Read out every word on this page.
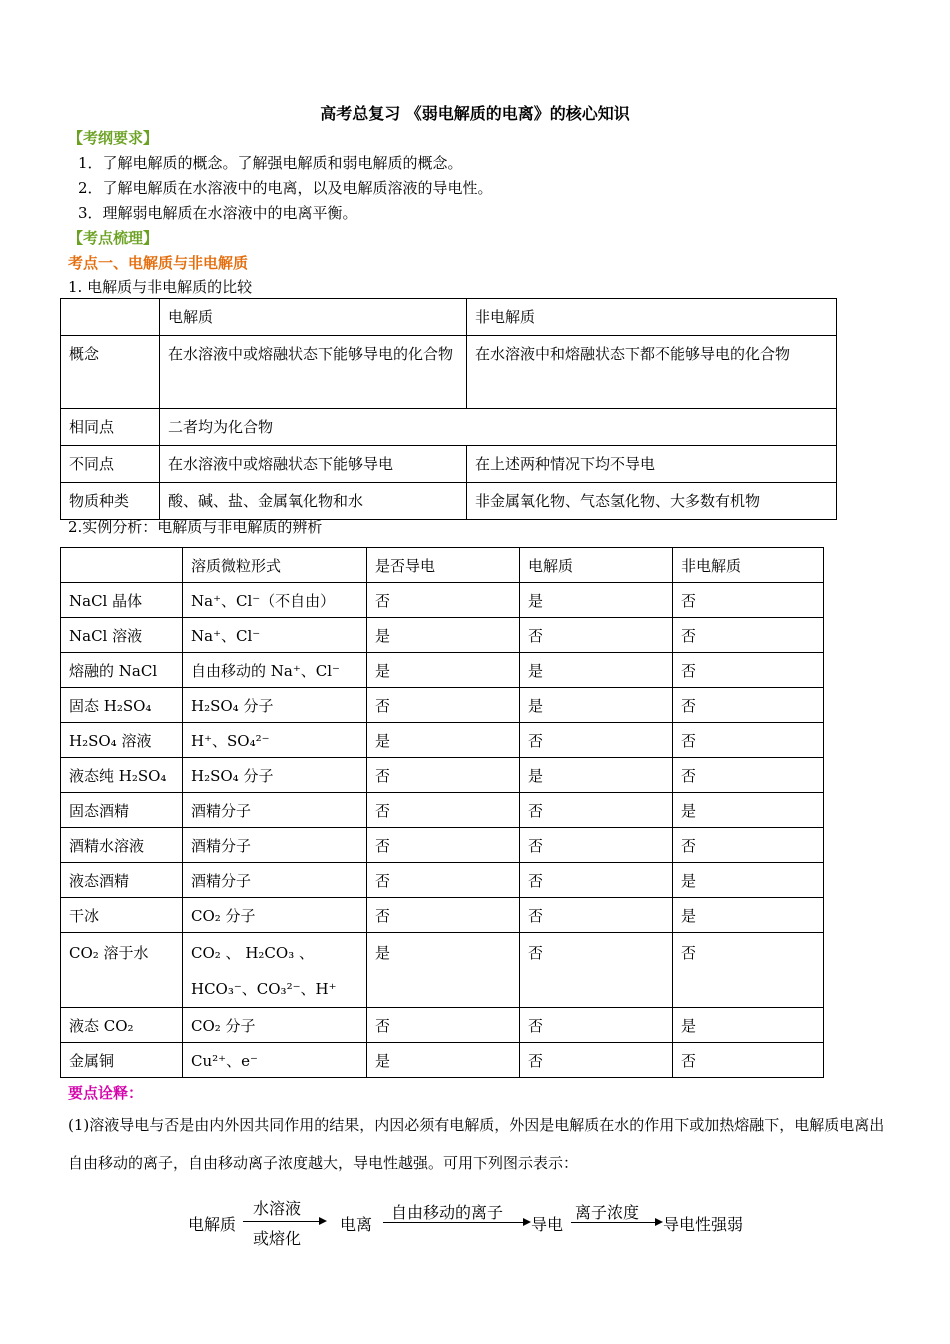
高考总复习 《弱电解质的电离》的核心知识
【考纲要求】
1．了解电解质的概念。了解强电解质和弱电解质的概念。
2．了解电解质在水溶液中的电离，以及电解质溶液的导电性。
3．理解弱电解质在水溶液中的电离平衡。
【考点梳理】
考点一、电解质与非电解质
1. 电解质与非电解质的比较
	电解质	非电解质
概念	在水溶液中或熔融状态下能够导电的化合物	在水溶液中和熔融状态下都不能够导电的化合物
相同点	二者均为化合物	
不同点	在水溶液中或熔融状态下能够导电	在上述两种情况下均不导电
物质种类	酸、碱、盐、金属氧化物和水	非金属氧化物、气态氢化物、大多数有机物
2.实例分析：电解质与非电解质的辨析
	溶质微粒形式	是否导电	电解质	非电解质
NaCl 晶体	Na⁺、Cl⁻（不自由）	否	是	否
NaCl 溶液	Na⁺、Cl⁻	是	否	否
熔融的 NaCl	自由移动的 Na⁺、Cl⁻	是	是	否
固态 H₂SO₄	H₂SO₄ 分子	否	是	否
H₂SO₄ 溶液	H⁺、SO₄²⁻	是	否	否
液态纯 H₂SO₄	H₂SO₄ 分子	否	是	否
固态酒精	酒精分子	否	否	是
酒精水溶液	酒精分子	否	否	否
液态酒精	酒精分子	否	否	是
干冰	CO₂ 分子	否	否	是
CO₂ 溶于水	CO₂ 、 H₂CO₃ 、 HCO₃⁻、CO₃²⁻、H⁺	是	否	否
液态 CO₂	CO₂ 分子	否	否	是
金属铜	Cu²⁺、e⁻	是	否	否
要点诠释：
(1)溶液导电与否是由内外因共同作用的结果，内因必须有电解质，外因是电解质在水的作用下或加热熔融下，电解质电离出自由移动的离子，自由移动离子浓度越大，导电性越强。可用下列图示表示：
电解质
水溶液
或熔化
电离
自由移动的离子
导电
离子浓度
导电性强弱
